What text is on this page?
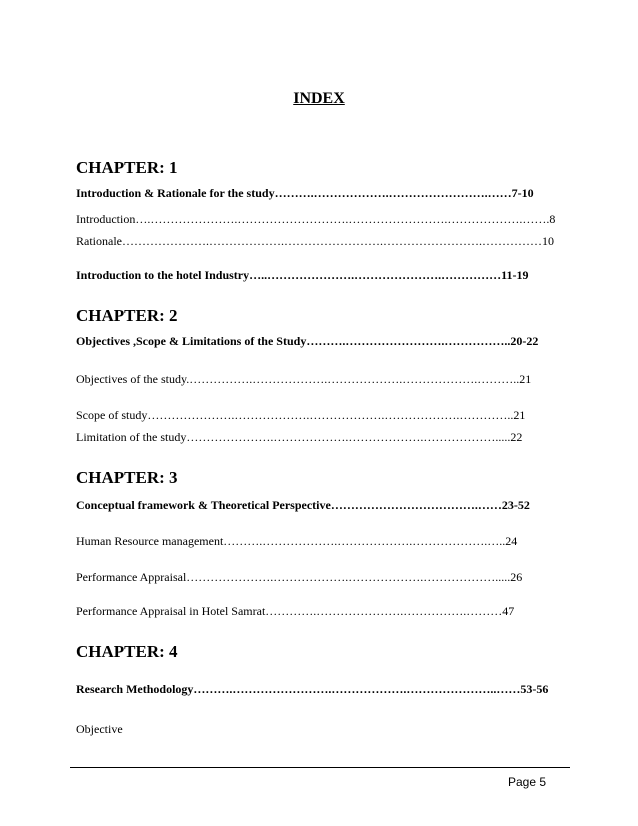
INDEX
CHAPTER: 1
Introduction & Rationale for the study……….……………….…………………….……7-10
Introduction….………………….……………………….…………………….……………….…….8
Rationale………………….……………….…………………….…………………….……………10
Introduction to the hotel Industry…..………………….………………….……………11-19
CHAPTER: 2
Objectives ,Scope & Limitations of the Study……….…………………….……………..20-22
Objectives of the study.…………….……………….……………….……………….………..21
Scope of study………………….……………….……………….……………….…………..21
Limitation of the study………………….……………….……………….……………….....22
CHAPTER: 3
Conceptual framework & Theoretical Perspective……………………………….……23-52
Human Resource management……….……………….……………….……………….…..24
Performance Appraisal………………….……………….……………….……………….....26
Performance Appraisal in Hotel Samrat………….………………….…………….………47
CHAPTER: 4
Research Methodology……….…………………….……………….…………………..……53-56
Objective
Page 5
